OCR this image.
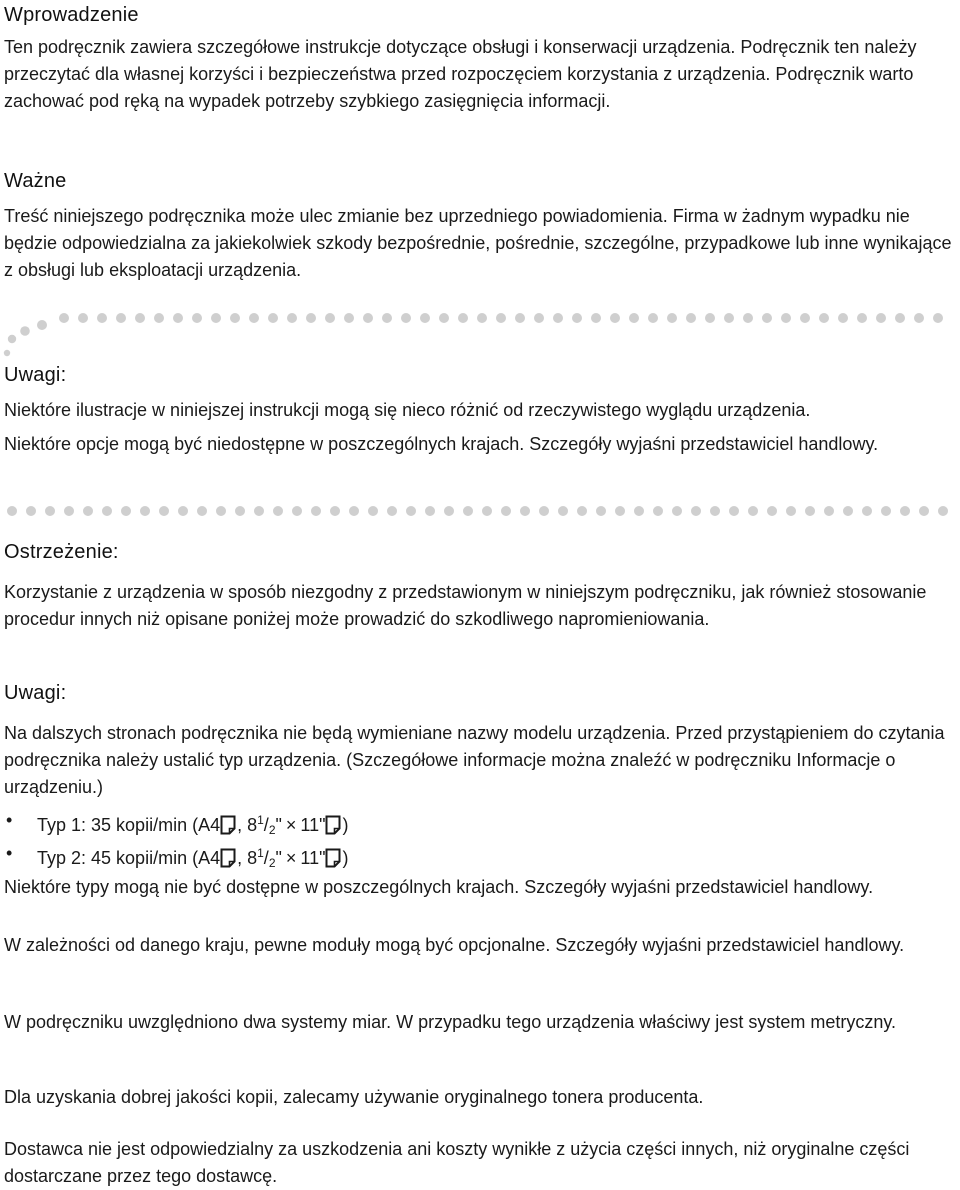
Wprowadzenie

Ten podręcznik zawiera szczegółowe instrukcje dotyczące obsługi i konserwacji urządzenia. Podręcznik ten należy przeczytać dla własnej korzyści i bezpieczeństwa przed rozpoczęciem korzystania z urządzenia. Podręcznik warto zachować pod ręką na wypadek potrzeby szybkiego zasięgnięcia informacji.

Ważne

Treść niniejszego podręcznika może ulec zmianie bez uprzedniego powiadomienia. Firma w żadnym wypadku nie będzie odpowiedzialna za jakiekolwiek szkody bezpośrednie, pośrednie, szczególne, przypadkowe lub inne wynikające z obsługi lub eksploatacji urządzenia.

Uwagi:

Niektóre ilustracje w niniejszej instrukcji mogą się nieco różnić od rzeczywistego wyglądu urządzenia.

Niektóre opcje mogą być niedostępne w poszczególnych krajach. Szczegóły wyjaśni przedstawiciel handlowy.

Ostrzeżenie:

Korzystanie z urządzenia w sposób niezgodny z przedstawionym w niniejszym podręczniku, jak również stosowanie procedur innych niż opisane poniżej może prowadzić do szkodliwego napromieniowania.

Uwagi:

Na dalszych stronach podręcznika nie będą wymieniane nazwy modelu urządzenia. Przed przystąpieniem do czytania podręcznika należy ustalić typ urządzenia. (Szczegółowe informacje można znaleźć w podręczniku Informacje o urządzeniu.)

• Typ 1: 35 kopii/min (A4 , $8^1/2$" × 11" )
• Typ 2: 45 kopii/min (A4 , $8^1/2$" × 11" )

Niektóre typy mogą nie być dostępne w poszczególnych krajach. Szczegóły wyjaśni przedstawiciel handlowy.

W zależności od danego kraju, pewne moduły mogą być opcjonalne. Szczegóły wyjaśni przedstawiciel handlowy.

W podręczniku uwzględniono dwa systemy miar. W przypadku tego urządzenia właściwy jest system metryczny.

Dla uzyskania dobrej jakości kopii, zalecamy używanie oryginalnego tonera producenta.

Dostawca nie jest odpowiedzialny za uszkodzenia ani koszty wynikłe z użycia części innych, niż oryginalne części dostarczane przez tego dostawcę.
